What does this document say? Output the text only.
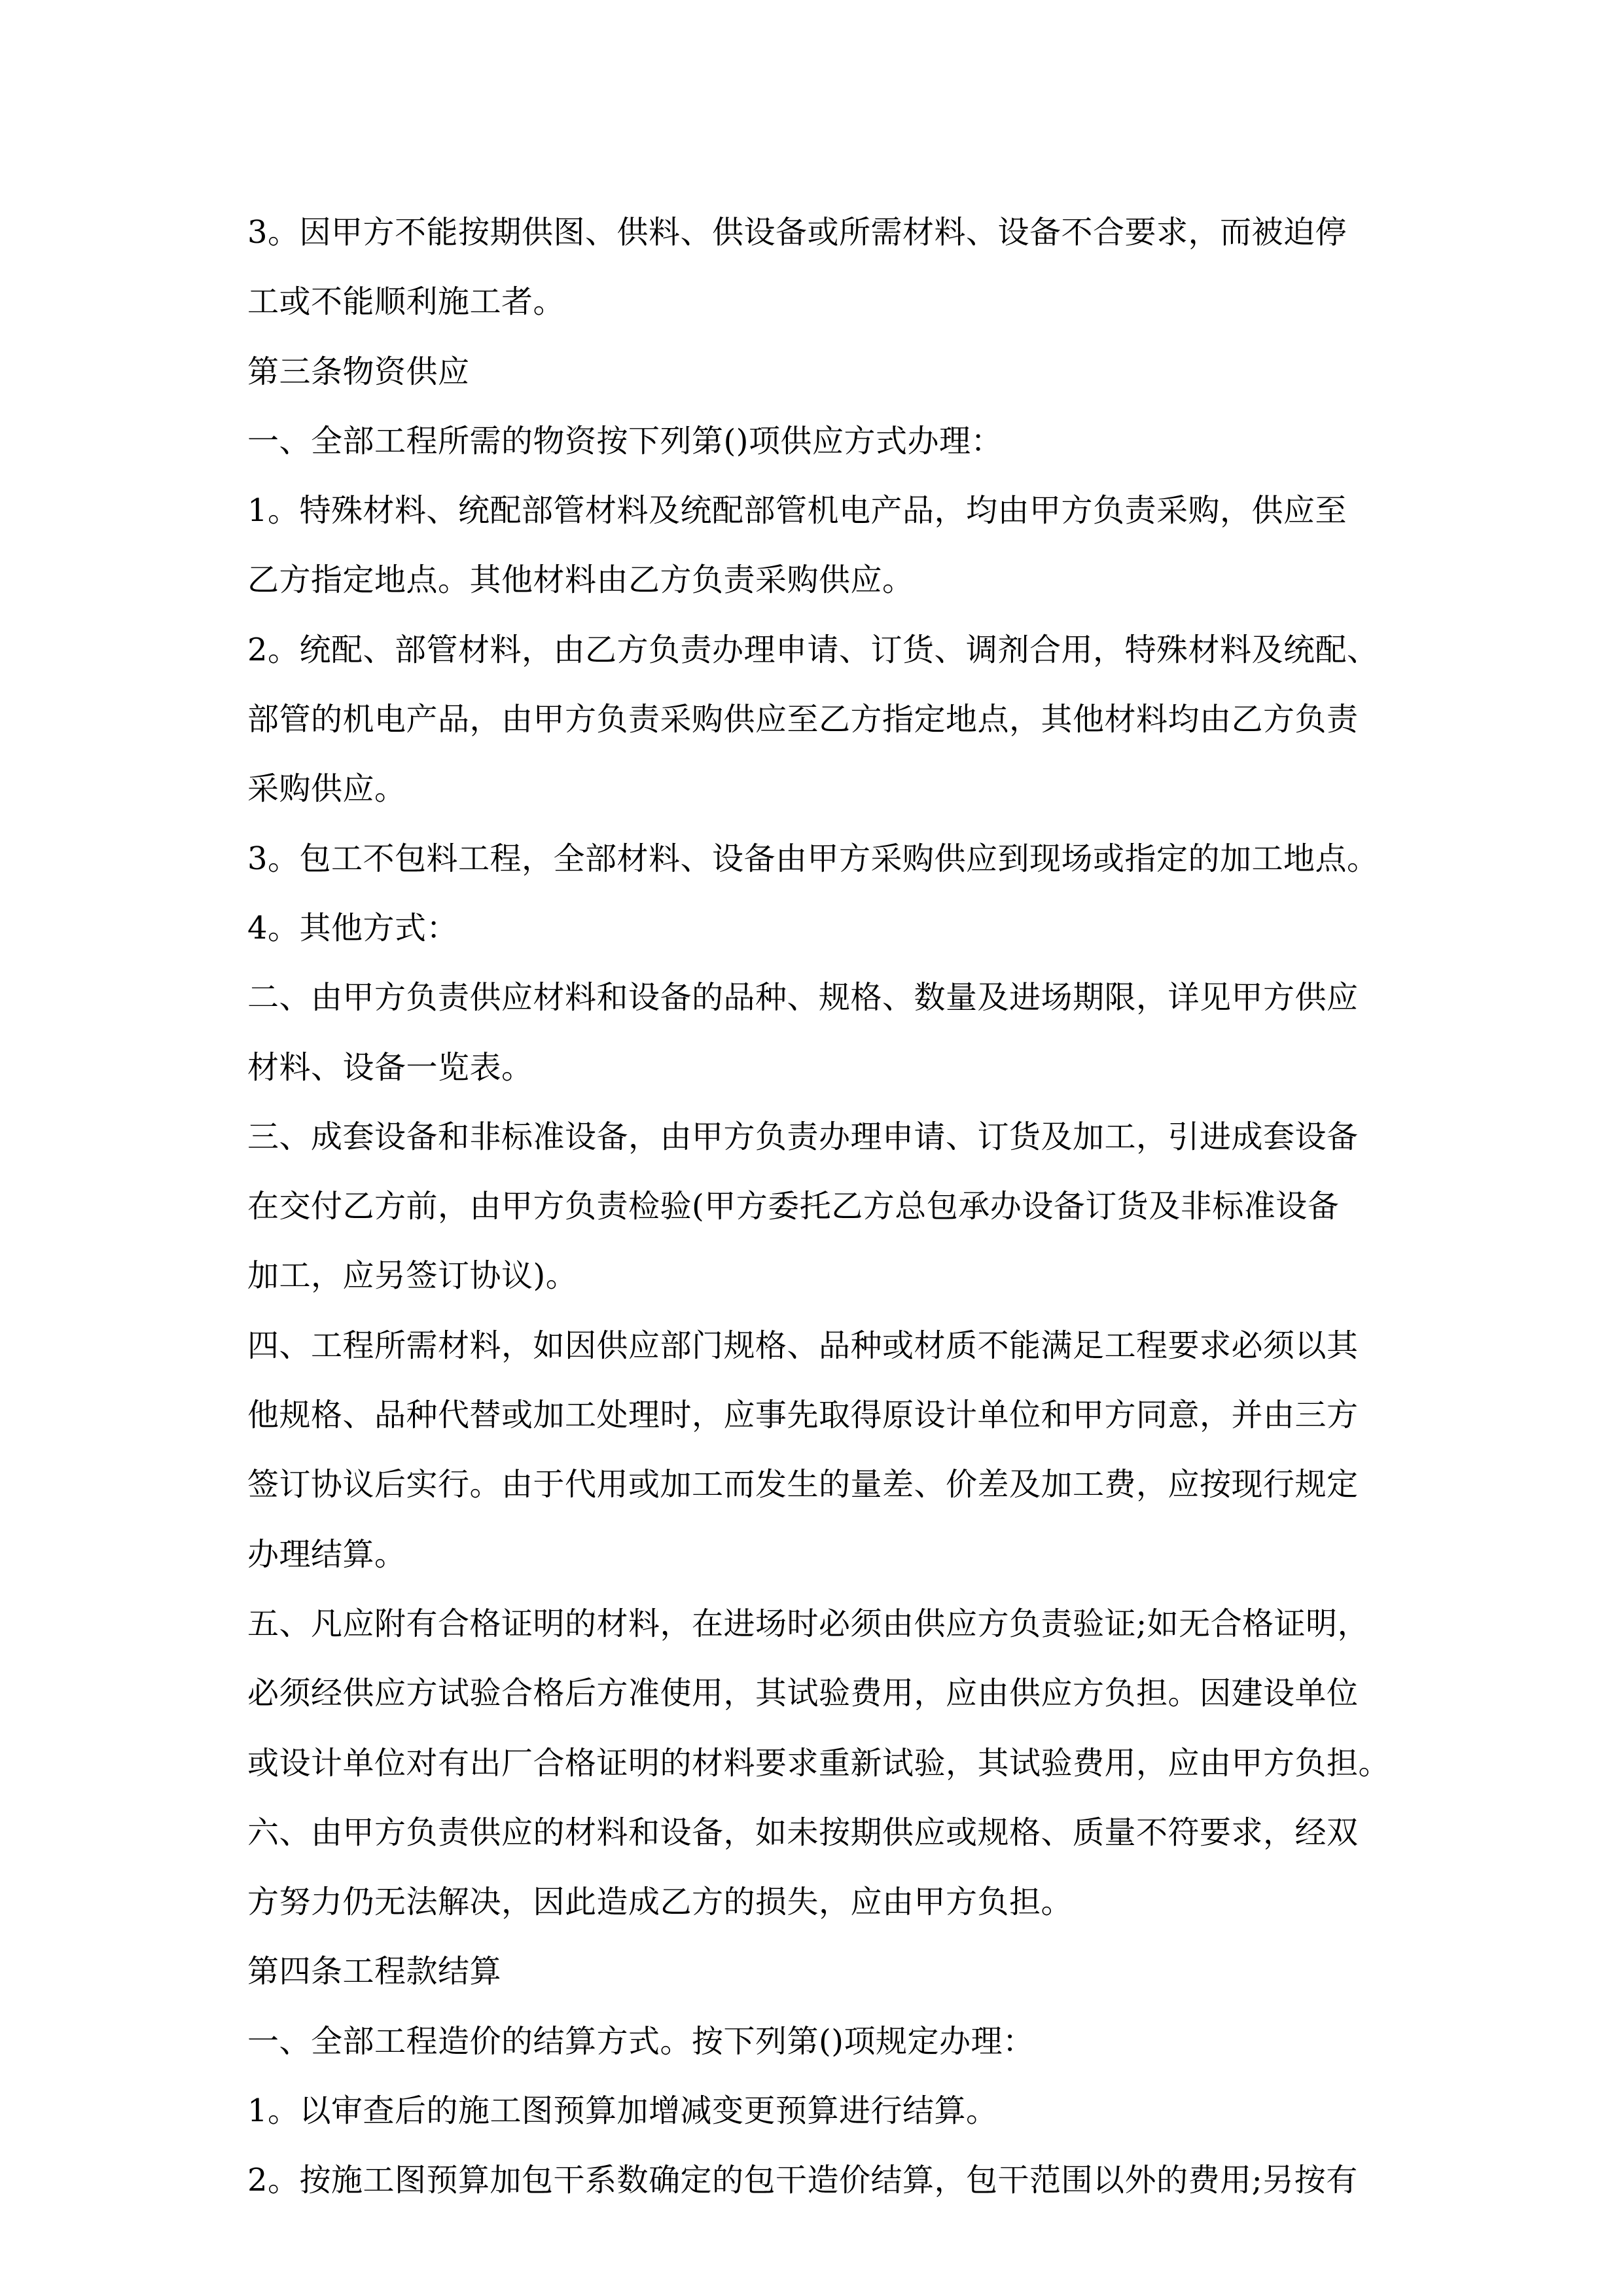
3。因甲方不能按期供图、供料、供设备或所需材料、设备不合要求，而被迫停
工或不能顺利施工者。
第三条物资供应
一、全部工程所需的物资按下列第()项供应方式办理：
1。特殊材料、统配部管材料及统配部管机电产品，均由甲方负责采购，供应至
乙方指定地点。其他材料由乙方负责采购供应。
2。统配、部管材料，由乙方负责办理申请、订货、调剂合用，特殊材料及统配、
部管的机电产品，由甲方负责采购供应至乙方指定地点，其他材料均由乙方负责
采购供应。
3。包工不包料工程，全部材料、设备由甲方采购供应到现场或指定的加工地点。
4。其他方式：
二、由甲方负责供应材料和设备的品种、规格、数量及进场期限，详见甲方供应
材料、设备一览表。
三、成套设备和非标准设备，由甲方负责办理申请、订货及加工，引进成套设备
在交付乙方前，由甲方负责检验(甲方委托乙方总包承办设备订货及非标准设备
加工，应另签订协议)。
四、工程所需材料，如因供应部门规格、品种或材质不能满足工程要求必须以其
他规格、品种代替或加工处理时，应事先取得原设计单位和甲方同意，并由三方
签订协议后实行。由于代用或加工而发生的量差、价差及加工费，应按现行规定
办理结算。
五、凡应附有合格证明的材料，在进场时必须由供应方负责验证;如无合格证明，
必须经供应方试验合格后方准使用，其试验费用，应由供应方负担。因建设单位
或设计单位对有出厂合格证明的材料要求重新试验，其试验费用，应由甲方负担。
六、由甲方负责供应的材料和设备，如未按期供应或规格、质量不符要求，经双
方努力仍无法解决，因此造成乙方的损失，应由甲方负担。
第四条工程款结算
一、全部工程造价的结算方式。按下列第()项规定办理：
1。以审查后的施工图预算加增减变更预算进行结算。
2。按施工图预算加包干系数确定的包干造价结算，包干范围以外的费用;另按有
